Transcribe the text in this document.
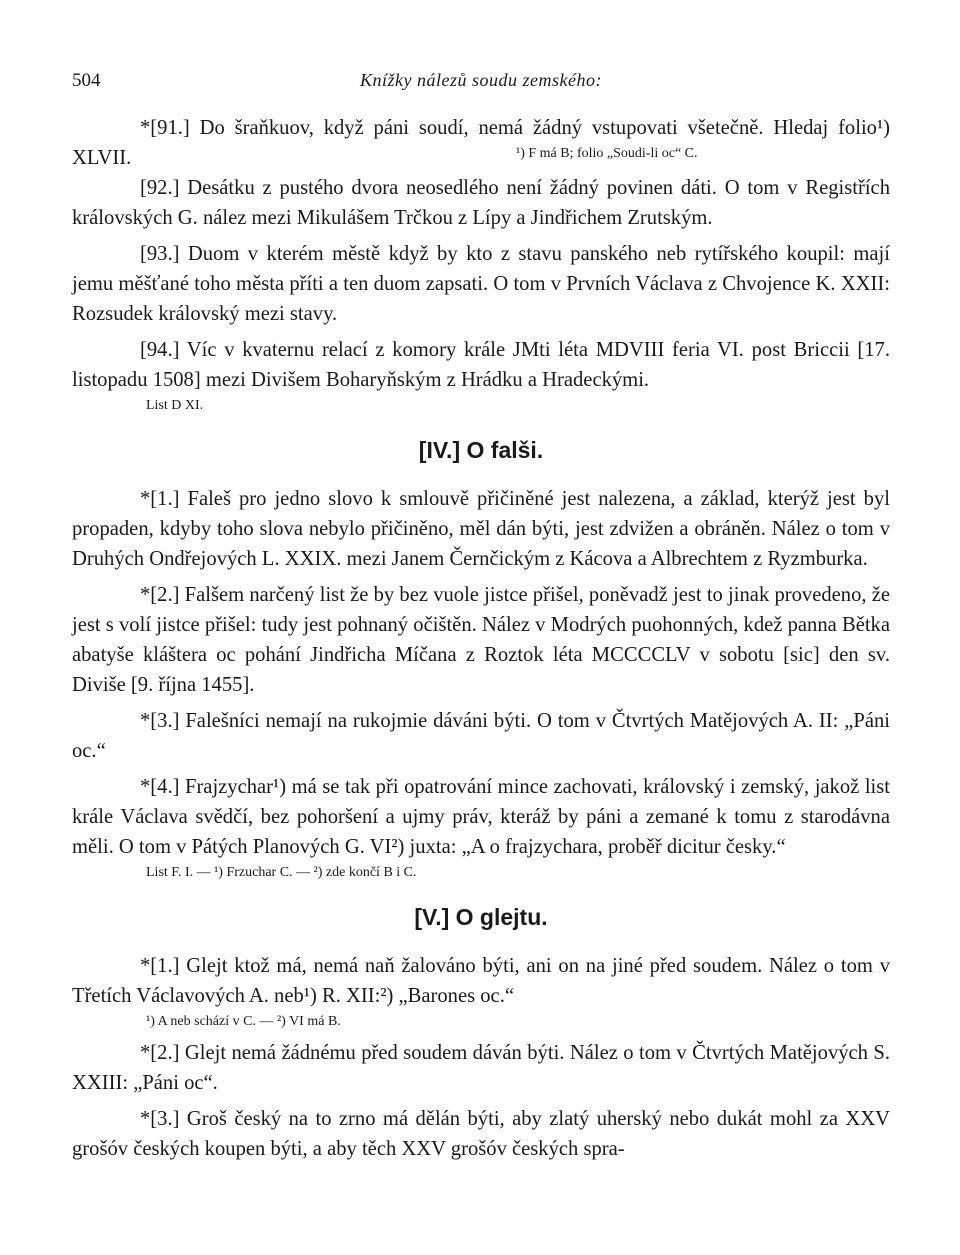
504	Knížky nálezů soudu zemského:

*[91.] Do šraňkuov, když páni soudí, nemá žádný vstupovati všetečně. Hledaj folio¹) XLVII.	¹) F má B; folio „Soudi-li oc“ C.

[92.] Desátku z pustého dvora neosedlého není žádný povinen dáti. O tom v Registřích královských G. nález mezi Mikulášem Trčkou z Lípy a Jindřichem Zrutským.

[93.] Duom v kterém městě když by kto z stavu panského neb rytířského koupil: mají jemu měšťané toho města příti a ten duom zapsati. O tom v Prvních Václava z Chvojence K. XXII: Rozsudek královský mezi stavy.

[94.] Víc v kvaternu relací z komory krále JMti léta MDVIII feria VI. post Briccii [17. listopadu 1508] mezi Divišem Boharyňským z Hrádku a Hradeckými.

List D XI.

[IV.] O falši.

*[1.] Faleš pro jedno slovo k smlouvě přičiněné jest nalezena, a základ, kterýž jest byl propaden, kdyby toho slova nebylo přičiněno, měl dán býti, jest zdvižen a obráněn. Nález o tom v Druhých Ondřejových L. XXIX. mezi Janem Černčickým z Kácova a Albrechtem z Ryzmburka.

*[2.] Falšem narčený list že by bez vuole jistce přišel, poněvadž jest to jinak provedeno, že jest s volí jistce přišel: tudy jest pohnaný očištěn. Nález v Modrých puohonných, kdež panna Bětka abatyše kláštera oc pohání Jindřicha Míčana z Roztok léta MCCCCLV v sobotu [sic] den sv. Diviše [9. října 1455].

*[3.] Falešníci nemají na rukojmie dáváni býti. O tom v Čtvrtých Matějových A. II: „Páni oc.“

*[4.] Frajzychar¹) má se tak při opatrování mince zachovati, královský i zemský, jakož list krále Václava svědčí, bez pohoršení a ujmy práv, kteráž by páni a zemané k tomu z starodávna měli. O tom v Pátých Planových G. VI²) juxta: „A o frajzychara, proběř dicitur česky.“

List F. I. — ¹) Frzuchar C. — ²) zde končí B i C.

[V.] O glejtu.

*[1.] Glejt ktož má, nemá naň žalováno býti, ani on na jiné před soudem. Nález o tom v Třetích Václavových A. neb¹) R. XII:²) „Barones oc.“

¹) A neb schází v C. — ²) VI má B.

*[2.] Glejt nemá žádnému před soudem dáván býti. Nález o tom v Čtvrtých Matějových S. XXIII: „Páni oc“.

*[3.] Groš český na to zrno má dělán býti, aby zlatý uherský nebo dukát mohl za XXV grošóv českých koupen býti, a aby těch XXV grošóv českých spra-
